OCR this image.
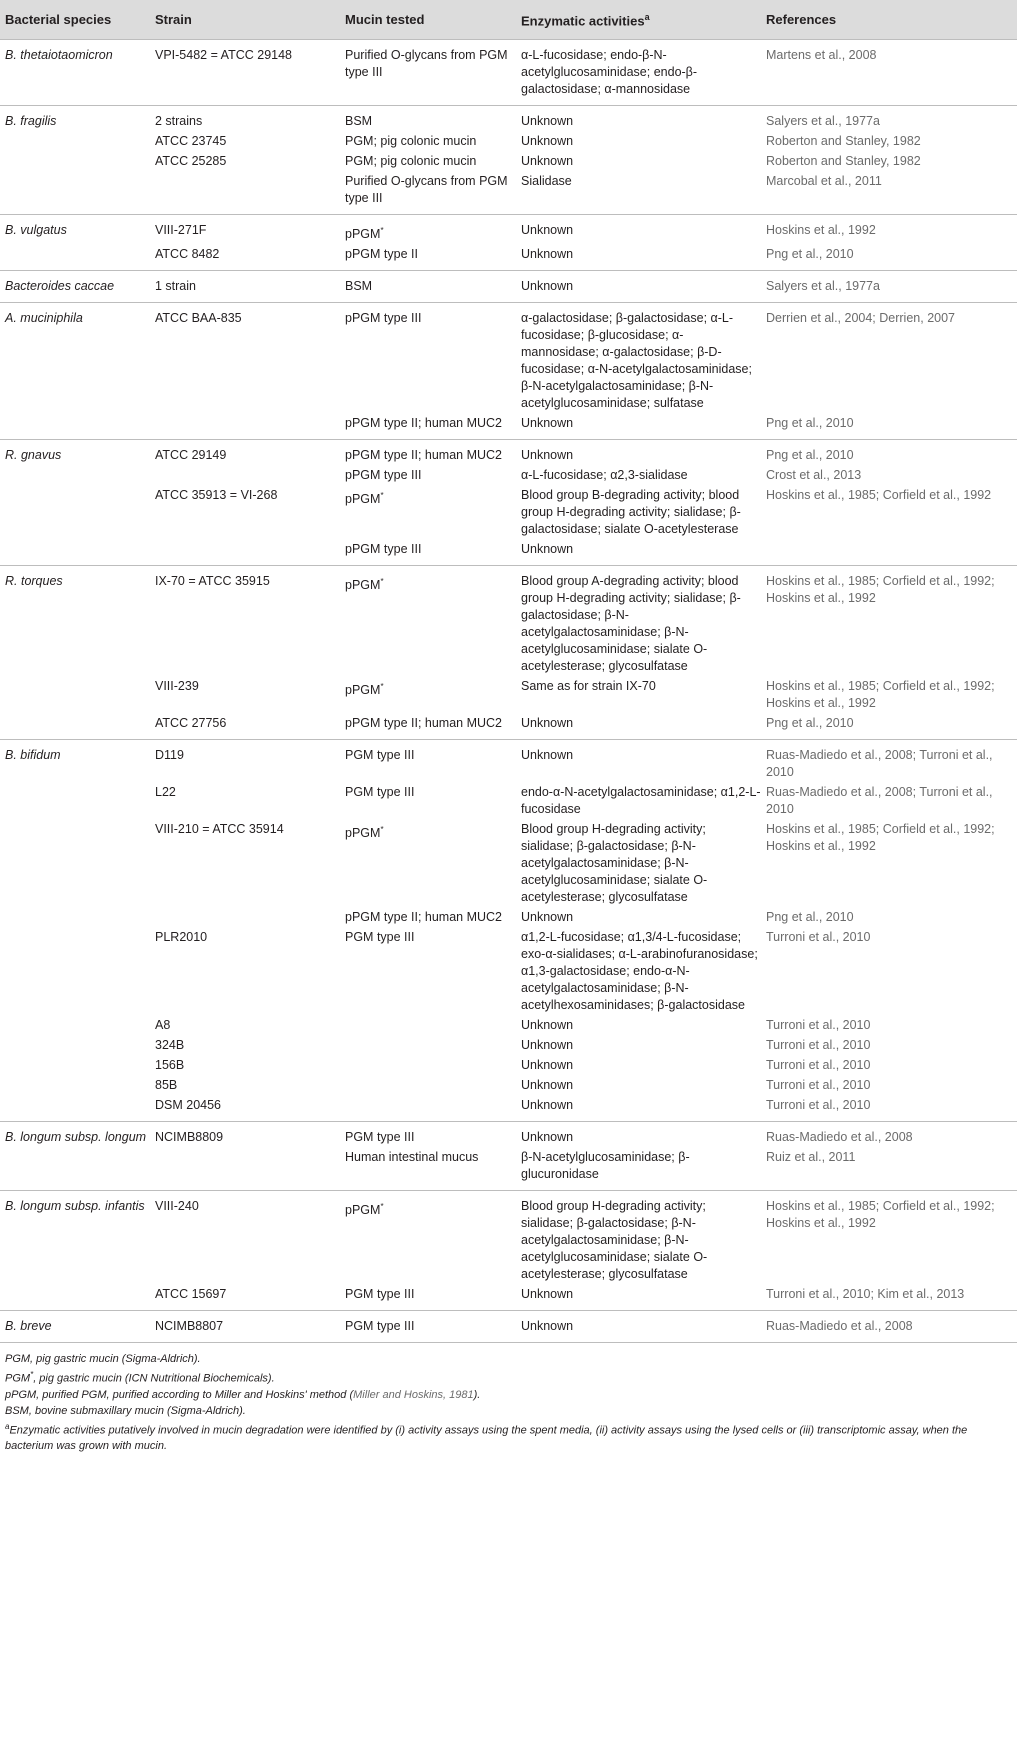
Bacterial species	Strain	Mucin tested	Enzymatic activities$^a$	References
B. thetaiotaomicron	VPI-5482 = ATCC 29148	Purified O-glycans from PGM type III	α-L-fucosidase; endo-β-N-acetylglucosaminidase; endo-β-galactosidase; α-mannosidase	Martens et al., 2008
B. fragilis	2 strains	BSM	Unknown	Salyers et al., 1977a
	ATCC 23745	PGM; pig colonic mucin	Unknown	Roberton and Stanley, 1982
	ATCC 25285	PGM; pig colonic mucin	Unknown	Roberton and Stanley, 1982
		Purified O-glycans from PGM type III	Sialidase	Marcobal et al., 2011
B. vulgatus	VIII-271F	pPGM*	Unknown	Hoskins et al., 1992
	ATCC 8482	pPGM type II	Unknown	Png et al., 2010
Bacteroides caccae	1 strain	BSM	Unknown	Salyers et al., 1977a
A. muciniphila	ATCC BAA-835	pPGM type III	α-galactosidase; β-galactosidase; α-L-fucosidase; β-glucosidase; α-mannosidase; α-galactosidase; β-D-fucosidase; α-N-acetylgalactosaminidase; β-N-acetylgalactosaminidase; β-N-acetylglucosaminidase; sulfatase	Derrien et al., 2004; Derrien, 2007
		pPGM type II; human MUC2	Unknown	Png et al., 2010
R. gnavus	ATCC 29149	pPGM type II; human MUC2	Unknown	Png et al., 2010
		pPGM type III	α-L-fucosidase; α2,3-sialidase	Crost et al., 2013
	ATCC 35913 = VI-268	pPGM*	Blood group B-degrading activity; blood group H-degrading activity; sialidase; β-galactosidase; sialate O-acetylesterase	Hoskins et al., 1985; Corfield et al., 1992
		pPGM type III	Unknown	
R. torques	IX-70 = ATCC 35915	pPGM*	Blood group A-degrading activity; blood group H-degrading activity; sialidase; β-galactosidase; β-N-acetylgalactosaminidase; β-N-acetylglucosaminidase; sialate O-acetylesterase; glycosulfatase	Hoskins et al., 1985; Corfield et al., 1992; Hoskins et al., 1992
	VIII-239	pPGM*	Same as for strain IX-70	Hoskins et al., 1985; Corfield et al., 1992; Hoskins et al., 1992
	ATCC 27756	pPGM type II; human MUC2	Unknown	Png et al., 2010
B. bifidum	D119	PGM type III	Unknown	Ruas-Madiedo et al., 2008; Turroni et al., 2010
	L22	PGM type III	endo-α-N-acetylgalactosaminidase; α1,2-L-fucosidase	Ruas-Madiedo et al., 2008; Turroni et al., 2010
	VIII-210 = ATCC 35914	pPGM*	Blood group H-degrading activity; sialidase; β-galactosidase; β-N-acetylgalactosaminidase; β-N-acetylglucosaminidase; sialate O-acetylesterase; glycosulfatase	Hoskins et al., 1985; Corfield et al., 1992; Hoskins et al., 1992
		pPGM type II; human MUC2	Unknown	Png et al., 2010
	PLR2010	PGM type III	α1,2-L-fucosidase; α1,3/4-L-fucosidase; exo-α-sialidases; α-L-arabinofuranosidase; α1,3-galactosidase; endo-α-N-acetylgalactosaminidase; β-N-acetylhexosaminidases; β-galactosidase	Turroni et al., 2010
	A8		Unknown	Turroni et al., 2010
	324B		Unknown	Turroni et al., 2010
	156B		Unknown	Turroni et al., 2010
	85B		Unknown	Turroni et al., 2010
	DSM 20456		Unknown	Turroni et al., 2010
B. longum subsp. longum	NCIMB8809	PGM type III	Unknown	Ruas-Madiedo et al., 2008
		Human intestinal mucus	β-N-acetylglucosaminidase; β-glucuronidase	Ruiz et al., 2011
B. longum subsp. infantis	VIII-240	pPGM*	Blood group H-degrading activity; sialidase; β-galactosidase; β-N-acetylgalactosaminidase; β-N-acetylglucosaminidase; sialate O-acetylesterase; glycosulfatase	Hoskins et al., 1985; Corfield et al., 1992; Hoskins et al., 1992
	ATCC 15697	PGM type III	Unknown	Turroni et al., 2010; Kim et al., 2013
B. breve	NCIMB8807	PGM type III	Unknown	Ruas-Madiedo et al., 2008

PGM, pig gastric mucin (Sigma-Aldrich).

PGM*, pig gastric mucin (ICN Nutritional Biochemicals).

pPGM, purified PGM, purified according to Miller and Hoskins' method (Miller and Hoskins, 1981).

BSM, bovine submaxillary mucin (Sigma-Aldrich).

$^a$Enzymatic activities putatively involved in mucin degradation were identified by (i) activity assays using the spent media, (ii) activity assays using the lysed cells or (iii) transcriptomic assay, when the bacterium was grown with mucin.
